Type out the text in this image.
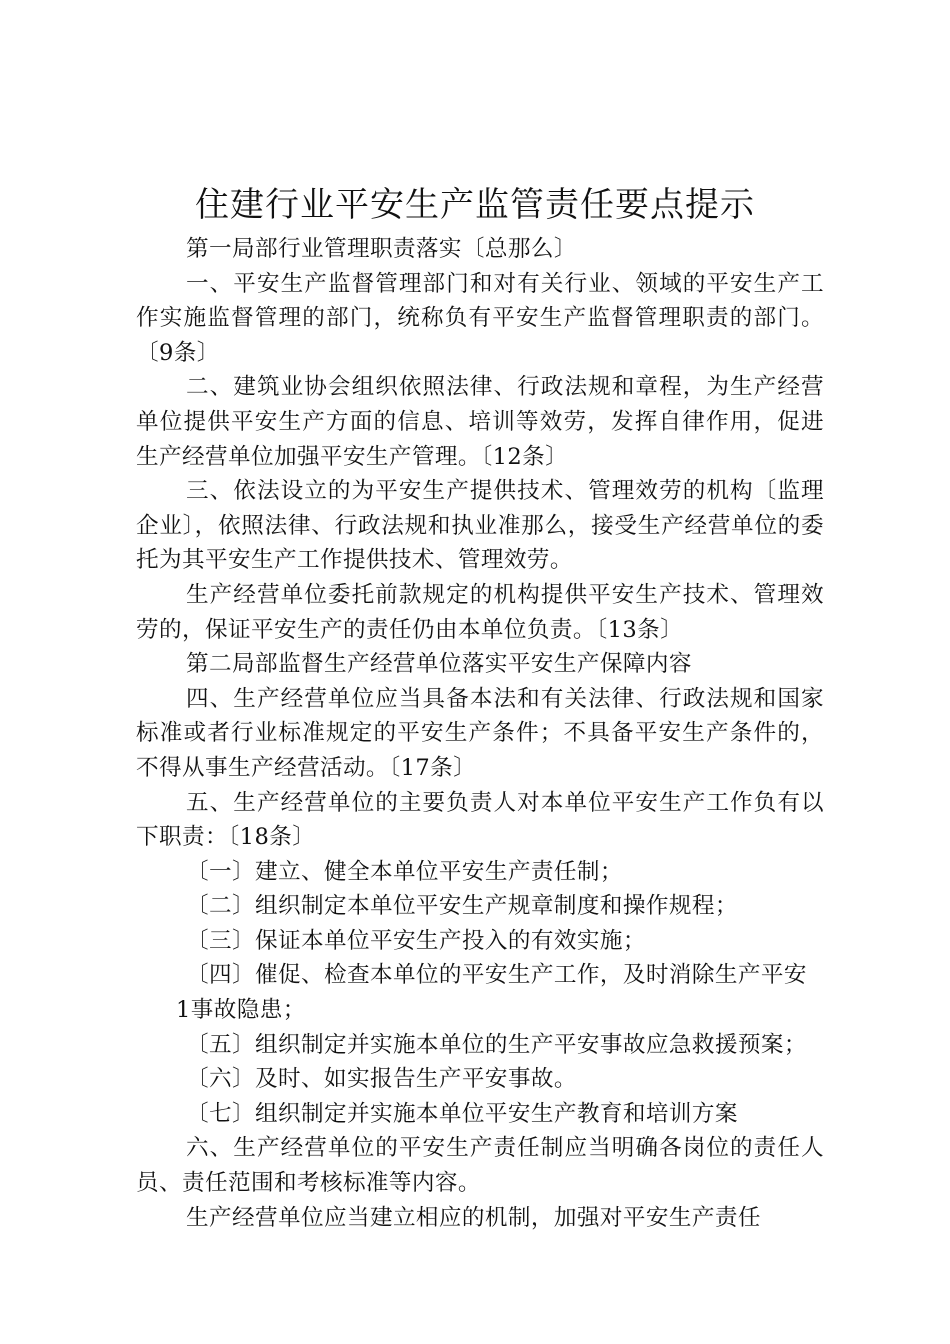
住建行业平安生产监管责任要点提示

第一局部行业管理职责落实〔总那么〕

一、平安生产监督管理部门和对有关行业、领域的平安生产工作实施监督管理的部门，统称负有平安生产监督管理职责的部门。〔9条〕

二、建筑业协会组织依照法律、行政法规和章程，为生产经营单位提供平安生产方面的信息、培训等效劳，发挥自律作用，促进生产经营单位加强平安生产管理。〔12条〕

三、依法设立的为平安生产提供技术、管理效劳的机构〔监理企业〕，依照法律、行政法规和执业准那么，接受生产经营单位的委托为其平安生产工作提供技术、管理效劳。

生产经营单位委托前款规定的机构提供平安生产技术、管理效劳的，保证平安生产的责任仍由本单位负责。〔13条〕

第二局部监督生产经营单位落实平安生产保障内容

四、生产经营单位应当具备本法和有关法律、行政法规和国家标准或者行业标准规定的平安生产条件；不具备平安生产条件的，不得从事生产经营活动。〔17条〕

五、生产经营单位的主要负责人对本单位平安生产工作负有以下职责：〔18条〕

〔一〕建立、健全本单位平安生产责任制；

〔二〕组织制定本单位平安生产规章制度和操作规程；

〔三〕保证本单位平安生产投入的有效实施；

〔四〕催促、检查本单位的平安生产工作，及时消除生产平安

1事故隐患；

〔五〕组织制定并实施本单位的生产平安事故应急救援预案；

〔六〕及时、如实报告生产平安事故。

〔七〕组织制定并实施本单位平安生产教育和培训方案

六、生产经营单位的平安生产责任制应当明确各岗位的责任人员、责任范围和考核标准等内容。

生产经营单位应当建立相应的机制，加强对平安生产责任
